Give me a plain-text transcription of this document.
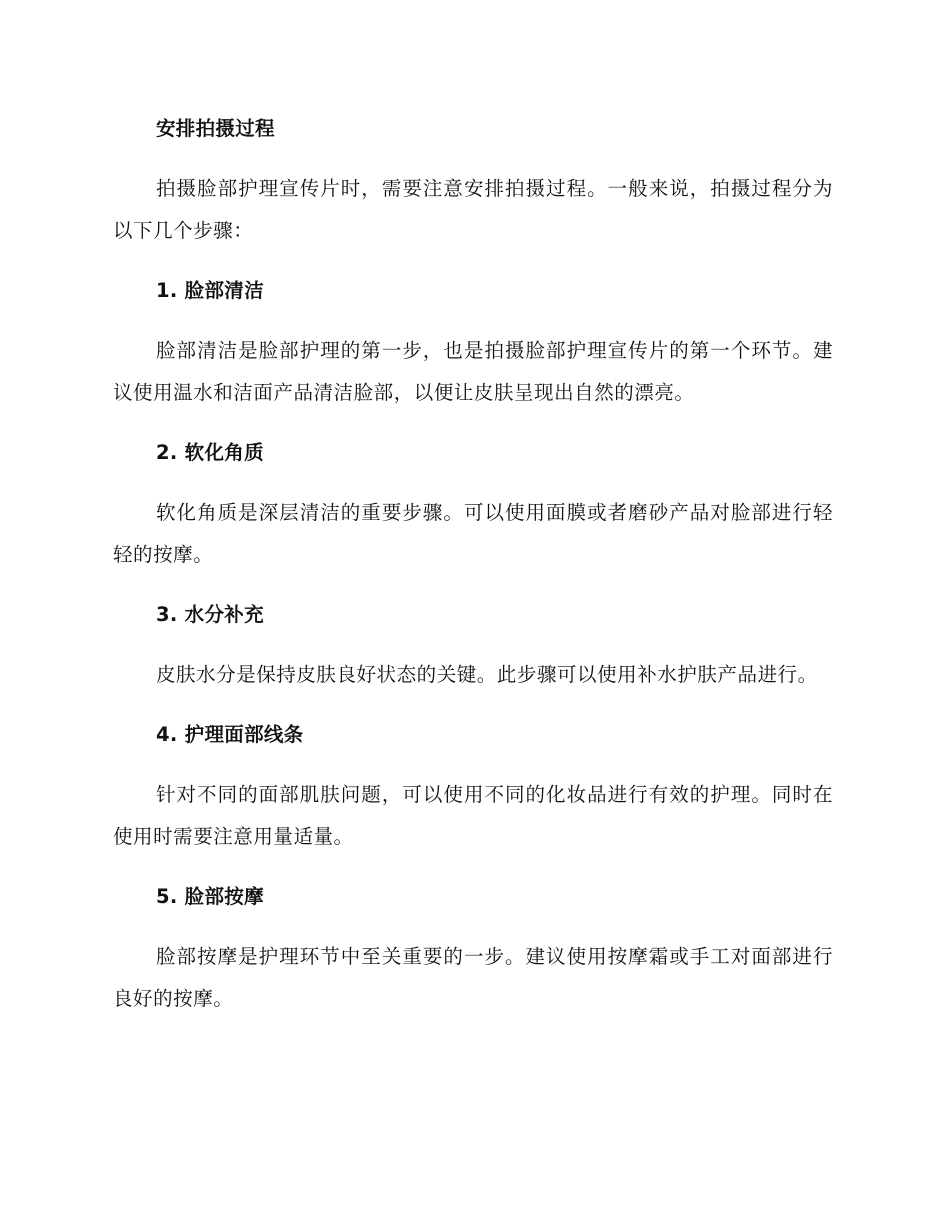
安排拍摄过程

拍摄脸部护理宣传片时，需要注意安排拍摄过程。一般来说，拍摄过程分为以下几个步骤：

1. 脸部清洁

脸部清洁是脸部护理的第一步，也是拍摄脸部护理宣传片的第一个环节。建议使用温水和洁面产品清洁脸部，以便让皮肤呈现出自然的漂亮。

2. 软化角质

软化角质是深层清洁的重要步骤。可以使用面膜或者磨砂产品对脸部进行轻轻的按摩。

3. 水分补充

皮肤水分是保持皮肤良好状态的关键。此步骤可以使用补水护肤产品进行。

4. 护理面部线条

针对不同的面部肌肤问题，可以使用不同的化妆品进行有效的护理。同时在使用时需要注意用量适量。

5. 脸部按摩

脸部按摩是护理环节中至关重要的一步。建议使用按摩霜或手工对面部进行良好的按摩。
